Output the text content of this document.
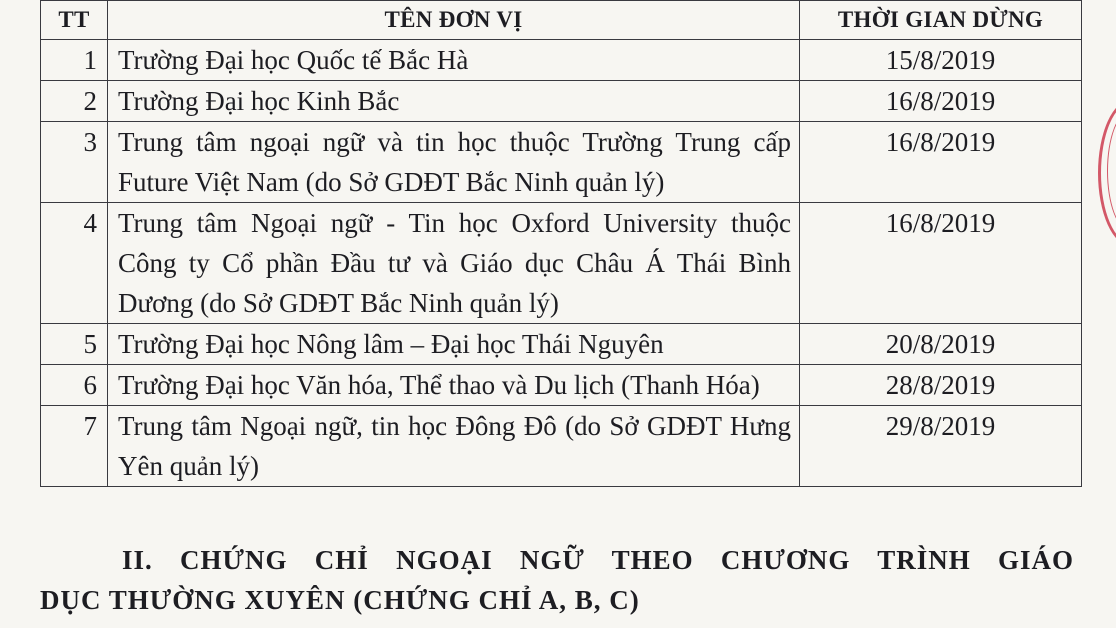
TT	TÊN ĐƠN VỊ	THỜI GIAN DỪNG
1	Trường Đại học Quốc tế Bắc Hà	15/8/2019
2	Trường Đại học Kinh Bắc	16/8/2019
3	Trung tâm ngoại ngữ và tin học thuộc Trường Trung cấp Future Việt Nam (do Sở GDĐT Bắc Ninh quản lý)	16/8/2019
4	Trung tâm Ngoại ngữ - Tin học Oxford University thuộc Công ty Cổ phần Đầu tư và Giáo dục Châu Á Thái Bình Dương (do Sở GDĐT Bắc Ninh quản lý)	16/8/2019
5	Trường Đại học Nông lâm – Đại học Thái Nguyên	20/8/2019
6	Trường Đại học Văn hóa, Thể thao và Du lịch (Thanh Hóa)	28/8/2019
7	Trung tâm Ngoại ngữ, tin học Đông Đô (do Sở GDĐT Hưng Yên quản lý)	29/8/2019
II. CHỨNG CHỈ NGOẠI NGỮ THEO CHƯƠNG TRÌNH GIÁO
DỤC THƯỜNG XUYÊN (CHỨNG CHỈ A, B, C)
